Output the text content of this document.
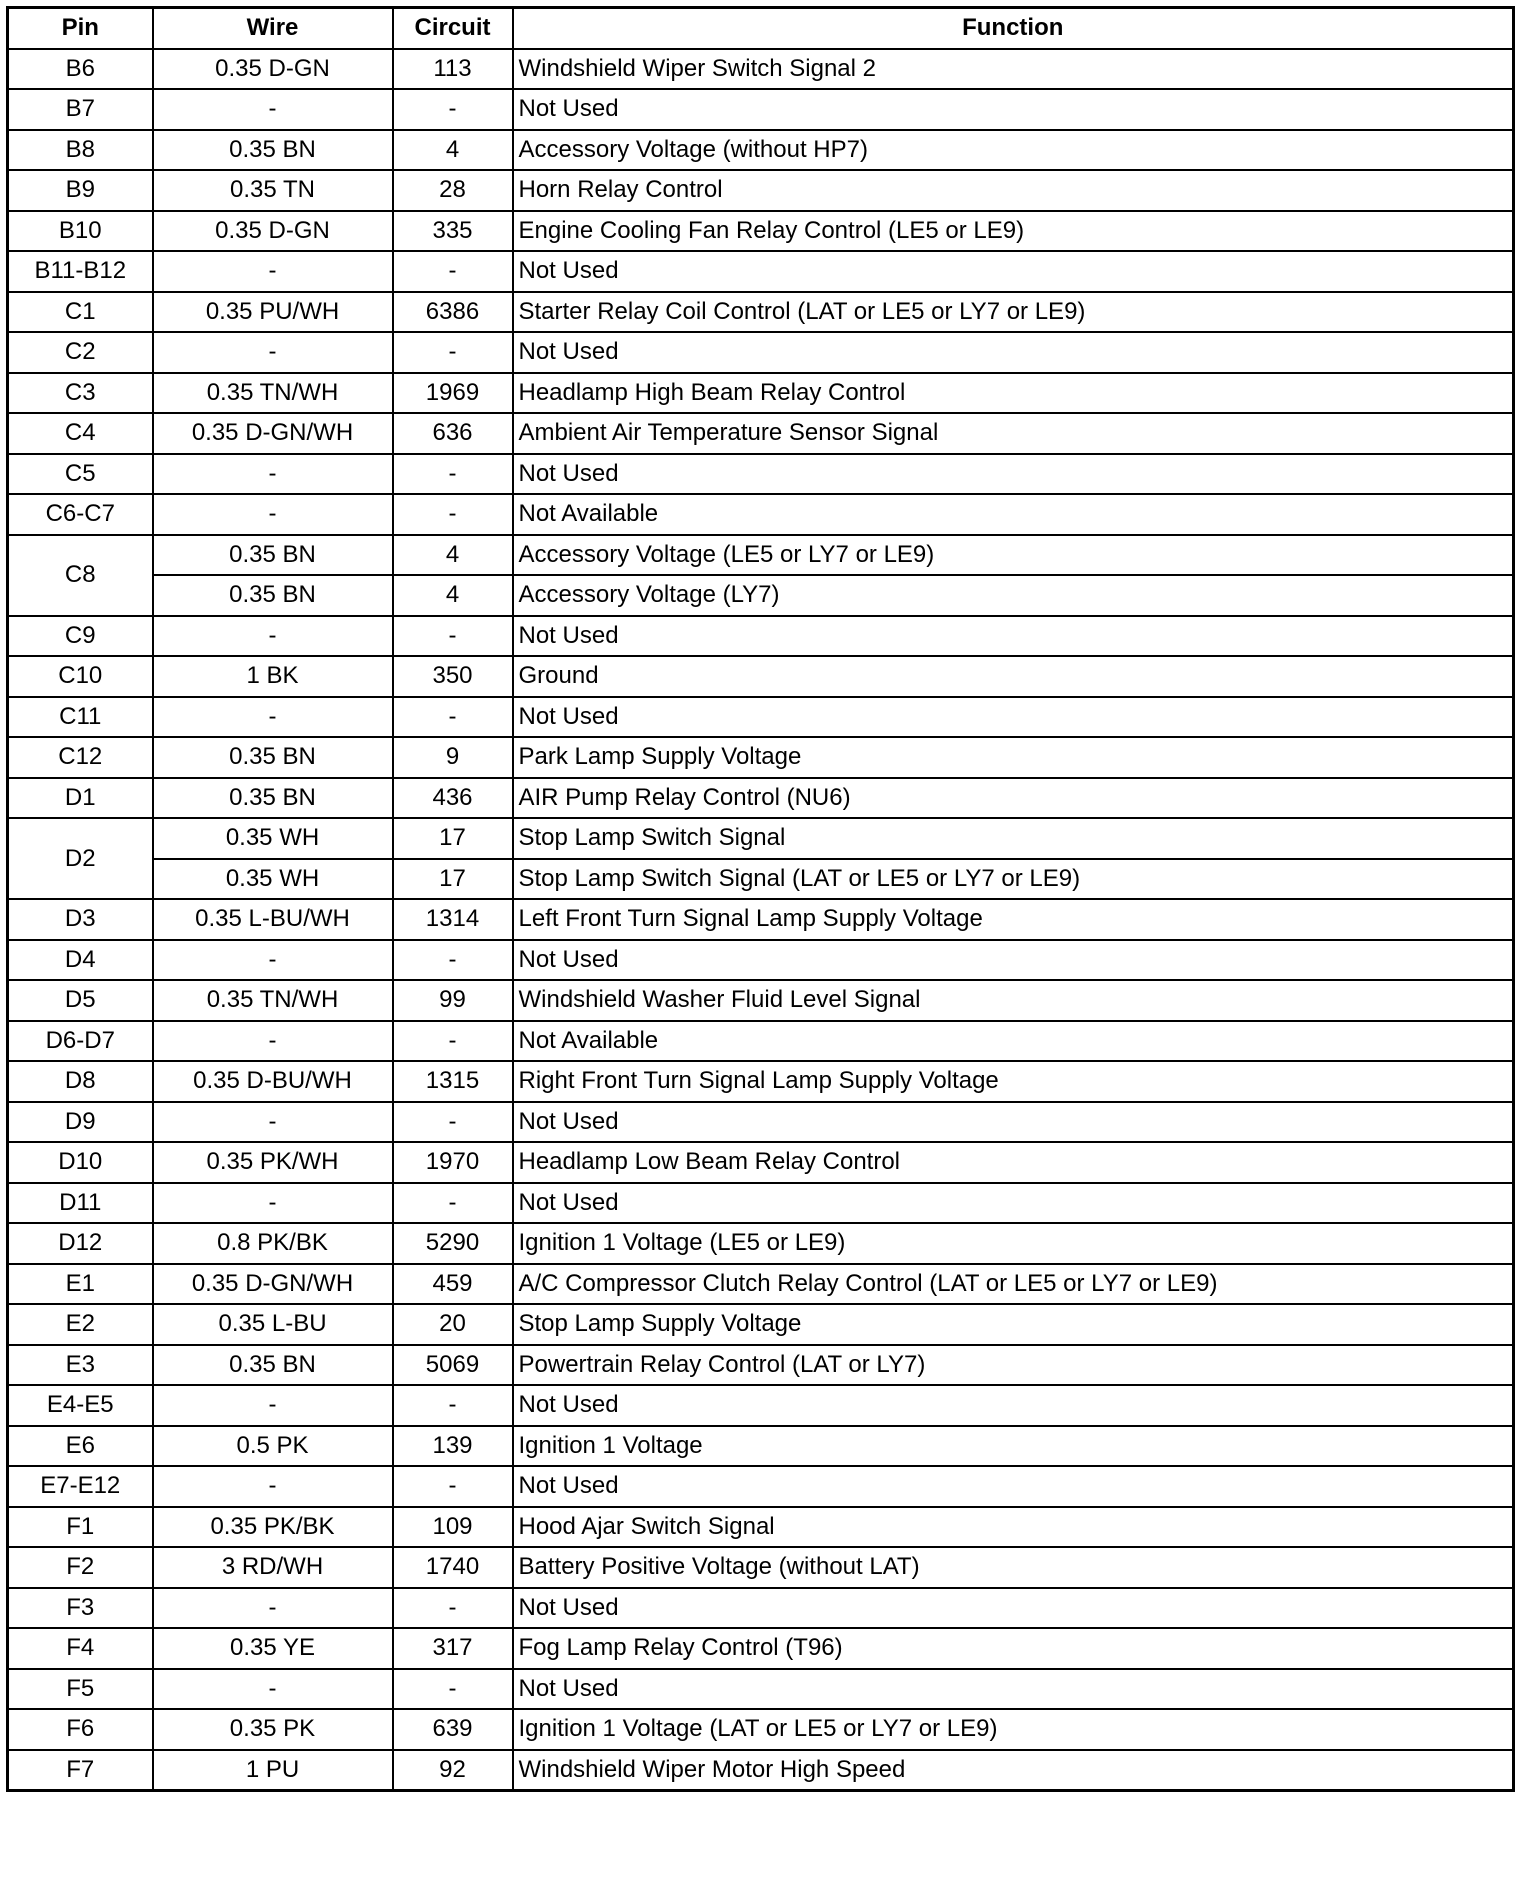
Pin	Wire	Circuit	Function
B6	0.35 D-GN	113	Windshield Wiper Switch Signal 2
B7	-	-	Not Used
B8	0.35 BN	4	Accessory Voltage (without HP7)
B9	0.35 TN	28	Horn Relay Control
B10	0.35 D-GN	335	Engine Cooling Fan Relay Control (LE5 or LE9)
B11-B12	-	-	Not Used
C1	0.35 PU/WH	6386	Starter Relay Coil Control (LAT or LE5 or LY7 or LE9)
C2	-	-	Not Used
C3	0.35 TN/WH	1969	Headlamp High Beam Relay Control
C4	0.35 D-GN/WH	636	Ambient Air Temperature Sensor Signal
C5	-	-	Not Used
C6-C7	-	-	Not Available
C8	0.35 BN	4	Accessory Voltage (LE5 or LY7 or LE9)
	0.35 BN	4	Accessory Voltage (LY7)
C9	-	-	Not Used
C10	1 BK	350	Ground
C11	-	-	Not Used
C12	0.35 BN	9	Park Lamp Supply Voltage
D1	0.35 BN	436	AIR Pump Relay Control (NU6)
D2	0.35 WH	17	Stop Lamp Switch Signal
	0.35 WH	17	Stop Lamp Switch Signal (LAT or LE5 or LY7 or LE9)
D3	0.35 L-BU/WH	1314	Left Front Turn Signal Lamp Supply Voltage
D4	-	-	Not Used
D5	0.35 TN/WH	99	Windshield Washer Fluid Level Signal
D6-D7	-	-	Not Available
D8	0.35 D-BU/WH	1315	Right Front Turn Signal Lamp Supply Voltage
D9	-	-	Not Used
D10	0.35 PK/WH	1970	Headlamp Low Beam Relay Control
D11	-	-	Not Used
D12	0.8 PK/BK	5290	Ignition 1 Voltage (LE5 or LE9)
E1	0.35 D-GN/WH	459	A/C Compressor Clutch Relay Control (LAT or LE5 or LY7 or LE9)
E2	0.35 L-BU	20	Stop Lamp Supply Voltage
E3	0.35 BN	5069	Powertrain Relay Control (LAT or LY7)
E4-E5	-	-	Not Used
E6	0.5 PK	139	Ignition 1 Voltage
E7-E12	-	-	Not Used
F1	0.35 PK/BK	109	Hood Ajar Switch Signal
F2	3 RD/WH	1740	Battery Positive Voltage (without LAT)
F3	-	-	Not Used
F4	0.35 YE	317	Fog Lamp Relay Control (T96)
F5	-	-	Not Used
F6	0.35 PK	639	Ignition 1 Voltage (LAT or LE5 or LY7 or LE9)
F7	1 PU	92	Windshield Wiper Motor High Speed
